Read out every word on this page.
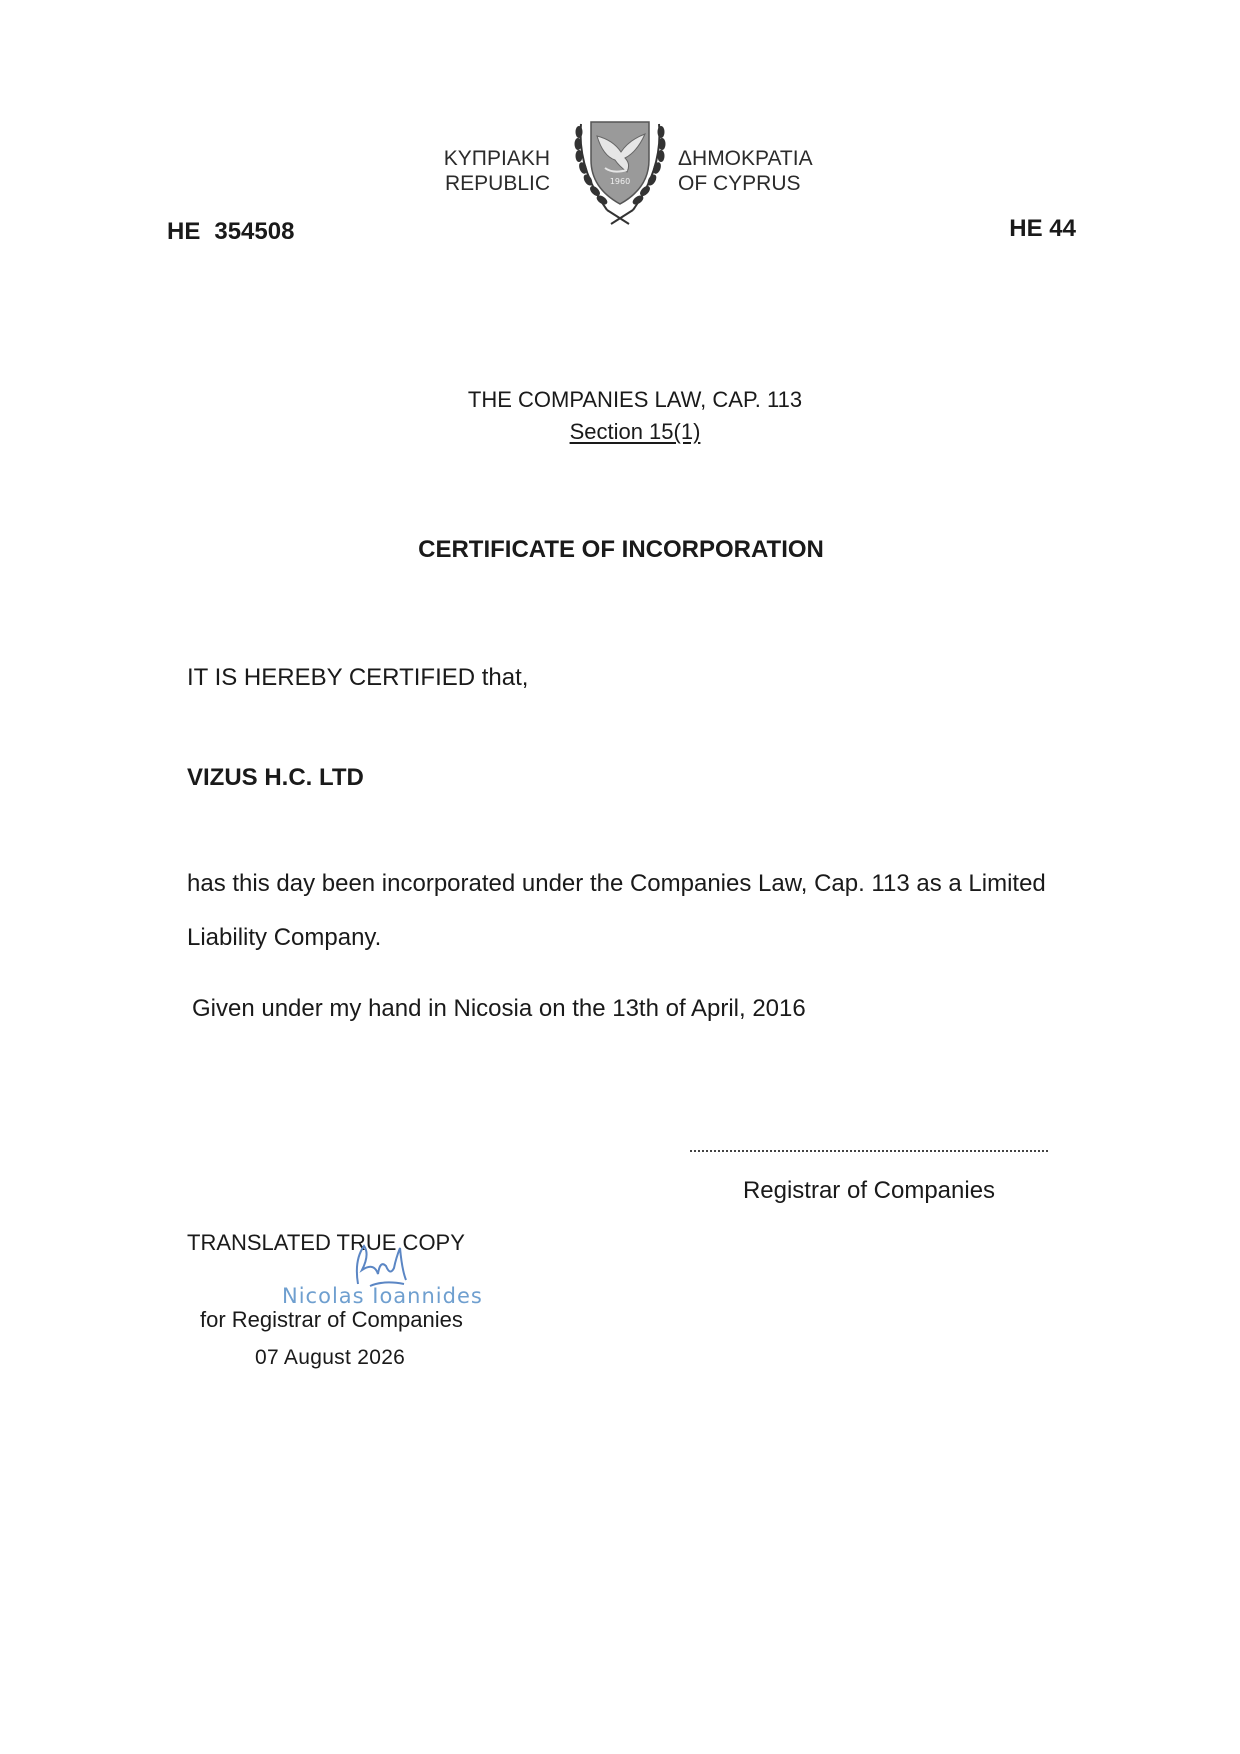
ΚΥΠΡΙΑΚΗ
REPUBLIC	1960
ΔΗΜΟΚΡΑΤΙΑ
OF CYPRUS
HE 354508	HE 44
THE COMPANIES LAW, CAP. 113
Section 15(1)
CERTIFICATE OF INCORPORATION
IT IS HEREBY CERTIFIED that,
VIZUS H.C. LTD
has this day been incorporated under the Companies Law, Cap. 113 as a Limited
Liability Company.
Given under my hand in Nicosia on the 13th of April, 2016
Registrar of Companies
TRANSLATED TRUE COPY
Nicolas Ioannides
for Registrar of Companies
07 August 2026
